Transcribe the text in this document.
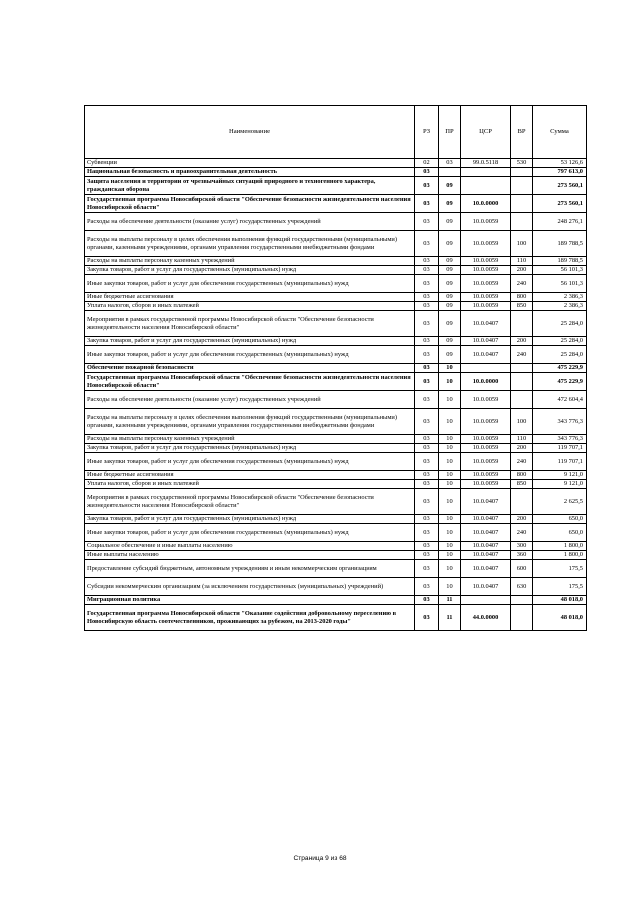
Наименование	РЗ	ПР	ЦСР	ВР	Сумма
Субвенции	02	03	99.0.5118	530	53 126,6
Национальная безопасность и правоохранительная деятельность	03				797 613,0
Защита населения и территории от чрезвычайных ситуаций природного и техногенного характера, гражданская оборона	03	09			273 560,1
Государственная программа Новосибирской области "Обеспечение безопасности жизнедеятельности населения Новосибирской области"	03	09	10.0.0000		273 560,1
Расходы на обеспечение деятельности (оказание услуг) государственных учреждений	03	09	10.0.0059		248 276,1
Расходы на выплаты персоналу в целях обеспечения выполнения функций государственными (муниципальными) органами, казенными учреждениями, органами управления государственными внебюджетными фондами	03	09	10.0.0059	100	189 788,5
Расходы на выплаты персоналу казенных учреждений	03	09	10.0.0059	110	189 788,5
Закупка товаров, работ и услуг для государственных (муниципальных) нужд	03	09	10.0.0059	200	56 101,3
Иные закупки товаров, работ и услуг для обеспечения государственных (муниципальных) нужд	03	09	10.0.0059	240	56 101,3
Иные бюджетные ассигнования	03	09	10.0.0059	800	2 386,3
Уплата налогов, сборов и иных платежей	03	09	10.0.0059	850	2 386,3
Мероприятия в рамках государственной программы Новосибирской области "Обеспечение безопасности жизнедеятельности населения Новосибирской области"	03	09	10.0.0407		25 284,0
Закупка товаров, работ и услуг для государственных (муниципальных) нужд	03	09	10.0.0407	200	25 284,0
Иные закупки товаров, работ и услуг для обеспечения государственных (муниципальных) нужд	03	09	10.0.0407	240	25 284,0
Обеспечение пожарной безопасности	03	10			475 229,9
Государственная программа Новосибирской области "Обеспечение безопасности жизнедеятельности населения Новосибирской области"	03	10	10.0.0000		475 229,9
Расходы на обеспечение деятельности (оказание услуг) государственных учреждений	03	10	10.0.0059		472 604,4
Расходы на выплаты персоналу в целях обеспечения выполнения функций государственными (муниципальными) органами, казенными учреждениями, органами управления государственными внебюджетными фондами	03	10	10.0.0059	100	343 776,3
Расходы на выплаты персоналу казенных учреждений	03	10	10.0.0059	110	343 776,3
Закупка товаров, работ и услуг для государственных (муниципальных) нужд	03	10	10.0.0059	200	119 707,1
Иные закупки товаров, работ и услуг для обеспечения государственных (муниципальных) нужд	03	10	10.0.0059	240	119 707,1
Иные бюджетные ассигнования	03	10	10.0.0059	800	9 121,0
Уплата налогов, сборов и иных платежей	03	10	10.0.0059	850	9 121,0
Мероприятия в рамках государственной программы Новосибирской области "Обеспечение безопасности жизнедеятельности населения Новосибирской области"	03	10	10.0.0407		2 625,5
Закупка товаров, работ и услуг для государственных (муниципальных) нужд	03	10	10.0.0407	200	650,0
Иные закупки товаров, работ и услуг для обеспечения государственных (муниципальных) нужд	03	10	10.0.0407	240	650,0
Социальное обеспечение и иные выплаты населению	03	10	10.0.0407	300	1 800,0
Иные выплаты населению	03	10	10.0.0407	360	1 800,0
Предоставление субсидий бюджетным, автономным учреждениям и иным некоммерческим организациям	03	10	10.0.0407	600	175,5
Субсидии некоммерческим организациям (за исключением государственных (муниципальных) учреждений)	03	10	10.0.0407	630	175,5
Миграционная политика	03	11			48 018,0
Государственная программа Новосибирской области "Оказание содействия добровольному переселению в Новосибирскую область соотечественников, проживающих за рубежом, на 2013-2020 годы"	03	11	44.0.0000		48 018,0
Страница 9 из 68
